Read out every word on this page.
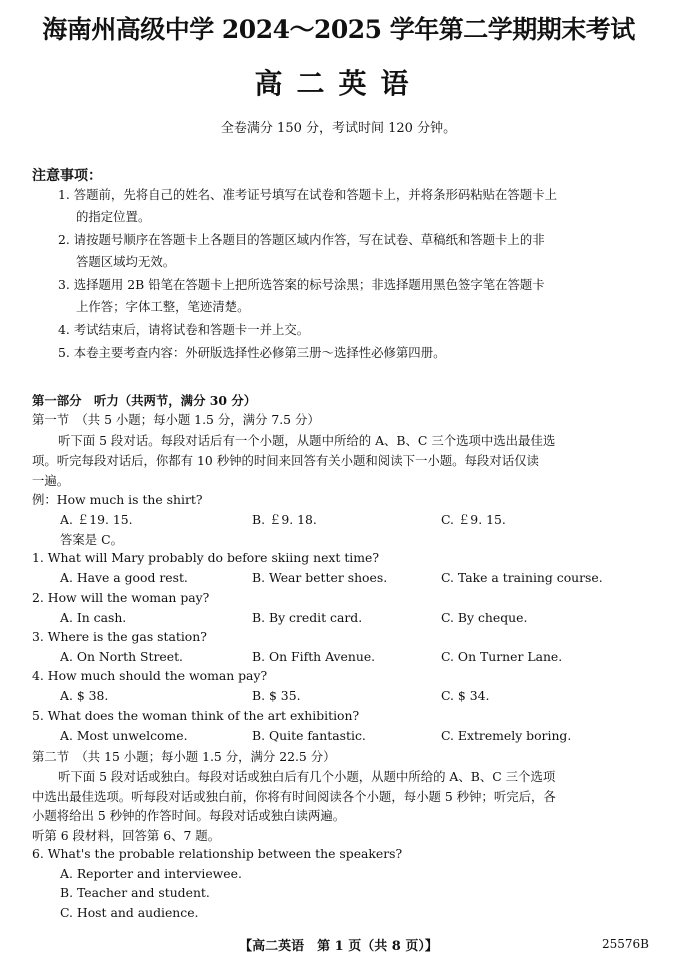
海南州高级中学 2024～2025 学年第二学期期末考试
高二英语
全卷满分 150 分，考试时间 120 分钟。
注意事项：
1. 答题前，先将自己的姓名、准考证号填写在试卷和答题卡上，并将条形码粘贴在答题卡上
的指定位置。
2. 请按题号顺序在答题卡上各题目的答题区域内作答，写在试卷、草稿纸和答题卡上的非
答题区域均无效。
3. 选择题用 2B 铅笔在答题卡上把所选答案的标号涂黑；非选择题用黑色签字笔在答题卡
上作答；字体工整，笔迹清楚。
4. 考试结束后，请将试卷和答题卡一并上交。
5. 本卷主要考查内容：外研版选择性必修第三册～选择性必修第四册。
第一部分　听力（共两节，满分 30 分）
第一节　（共 5 小题；每小题 1.5 分，满分 7.5 分）
听下面 5 段对话。每段对话后有一个小题，从题中所给的 A、B、C 三个选项中选出最佳选
项。听完每段对话后，你都有 10 秒钟的时间来回答有关小题和阅读下一小题。每段对话仅读
一遍。
例：How much is the shirt?
A. ￡19. 15.	B. ￡9. 18.	C. ￡9. 15.
答案是 C。
1. What will Mary probably do before skiing next time?
A. Have a good rest.	B. Wear better shoes.	C. Take a training course.
2. How will the woman pay?
A. In cash.	B. By credit card.	C. By cheque.
3. Where is the gas station?
A. On North Street.	B. On Fifth Avenue.	C. On Turner Lane.
4. How much should the woman pay?
A. $ 38.	B. $ 35.	C. $ 34.
5. What does the woman think of the art exhibition?
A. Most unwelcome.	B. Quite fantastic.	C. Extremely boring.
第二节　（共 15 小题；每小题 1.5 分，满分 22.5 分）
听下面 5 段对话或独白。每段对话或独白后有几个小题，从题中所给的 A、B、C 三个选项
中选出最佳选项。听每段对话或独白前，你将有时间阅读各个小题，每小题 5 秒钟；听完后，各
小题将给出 5 秒钟的作答时间。每段对话或独白读两遍。
听第 6 段材料，回答第 6、7 题。
6. What's the probable relationship between the speakers?
A. Reporter and interviewee.
B. Teacher and student.
C. Host and audience.
【高二英语　第 1 页（共 8 页）】	25576B
